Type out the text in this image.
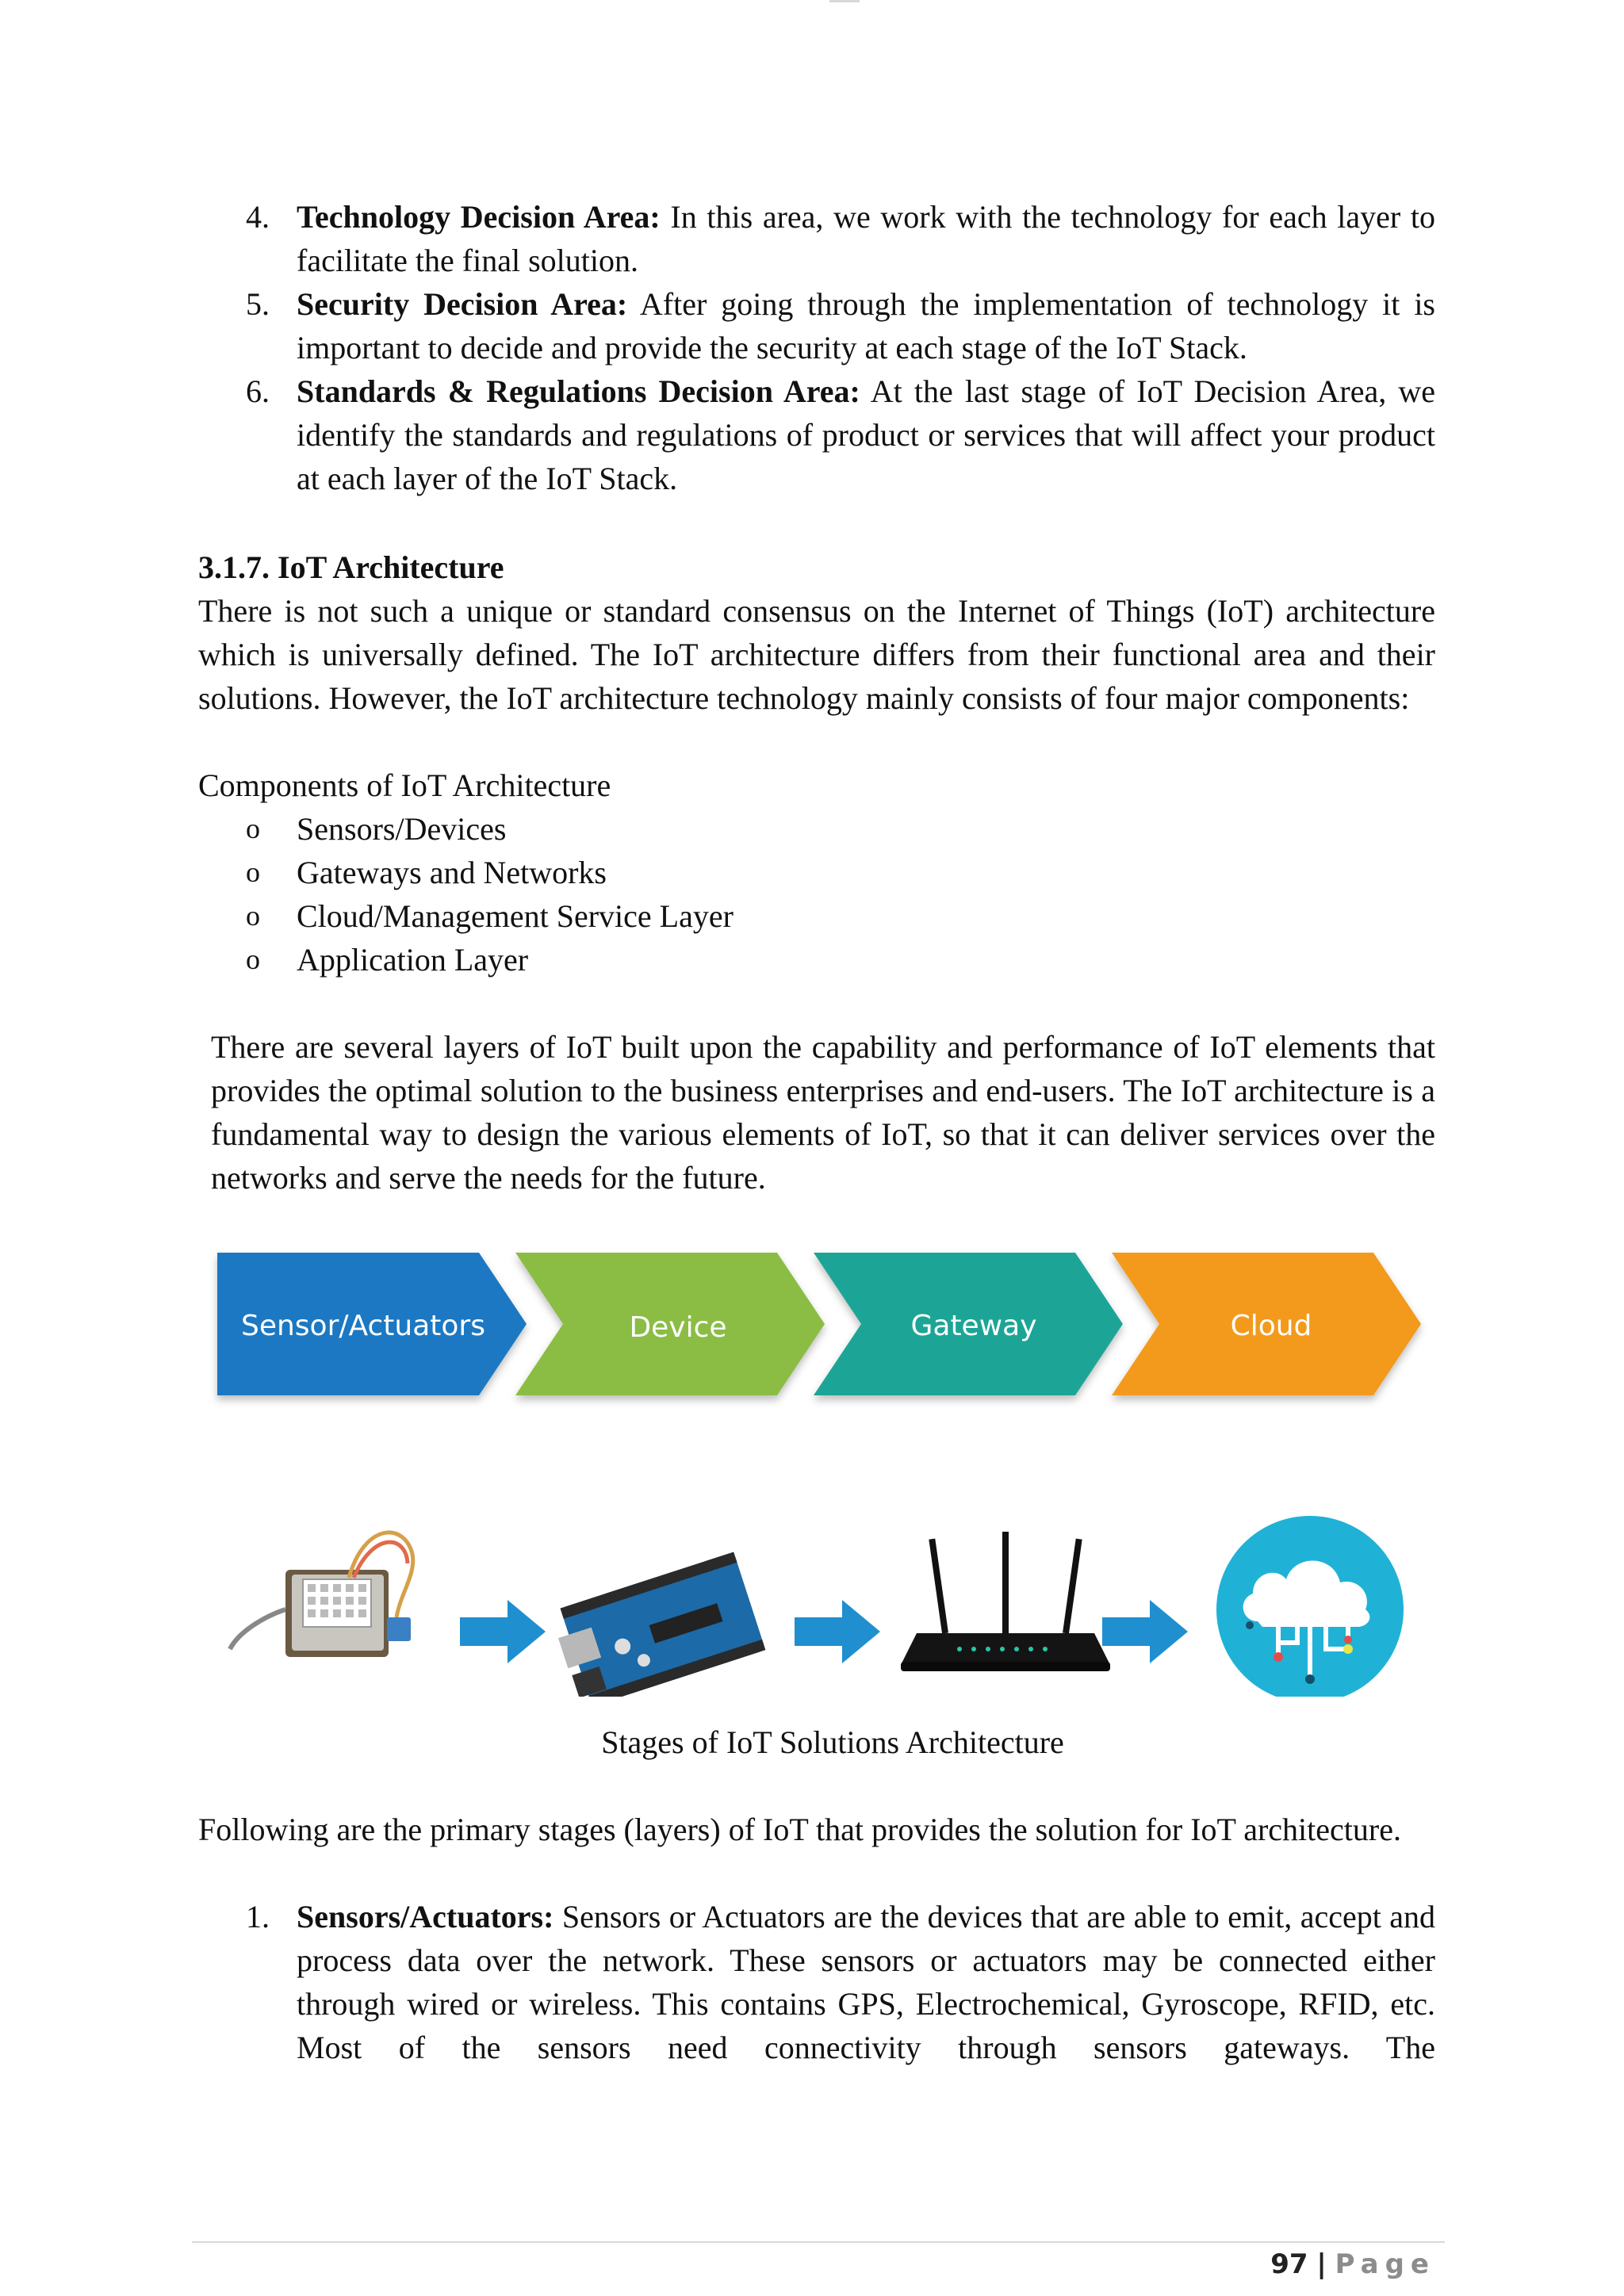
4. Technology Decision Area: In this area, we work with the technology for each layer to facilitate the final solution.
5. Security Decision Area: After going through the implementation of technology it is important to decide and provide the security at each stage of the IoT Stack.
6. Standards & Regulations Decision Area: At the last stage of IoT Decision Area, we identify the standards and regulations of product or services that will affect your product at each layer of the IoT Stack.
3.1.7. IoT Architecture
There is not such a unique or standard consensus on the Internet of Things (IoT) architecture which is universally defined. The IoT architecture differs from their functional area and their solutions. However, the IoT architecture technology mainly consists of four major components:
Components of IoT Architecture
o Sensors/Devices
o Gateways and Networks
o Cloud/Management Service Layer
o Application Layer
There are several layers of IoT built upon the capability and performance of IoT elements that provides the optimal solution to the business enterprises and end-users. The IoT architecture is a fundamental way to design the various elements of IoT, so that it can deliver services over the networks and serve the needs for the future.
Sensor/Actuators	Device	Gateway	Cloud
Stages of IoT Solutions Architecture
Following are the primary stages (layers) of IoT that provides the solution for IoT architecture.
1. Sensors/Actuators: Sensors or Actuators are the devices that are able to emit, accept and process data over the network. These sensors or actuators may be connected either through wired or wireless. This contains GPS, Electrochemical, Gyroscope, RFID, etc. Most of the sensors need connectivity through sensors gateways. The
97 | Page
